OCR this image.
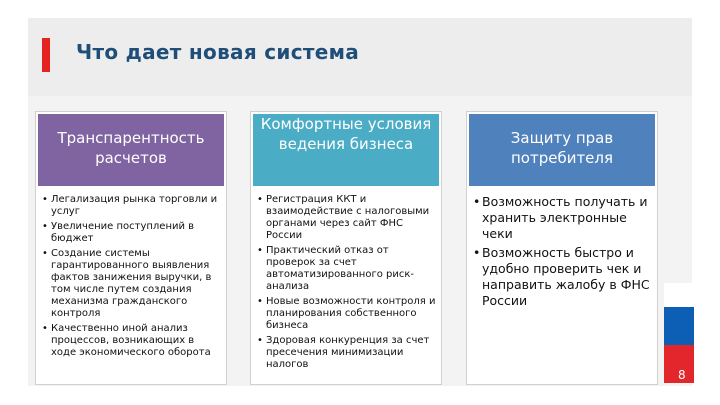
Что дает новая система
Транспарентность расчетов
• Легализация рынка торговли и услуг
• Увеличение поступлений в бюджет
• Создание системы гарантированного выявления фактов занижения выручки, в том числе путем создания механизма гражданского контроля
• Качественно иной анализ процессов, возникающих в ходе экономического оборота
Комфортные условия ведения бизнеса
• Регистрация ККТ и взаимодействие с налоговыми органами через сайт ФНС России
• Практический отказ от проверок за счет автоматизированного риск-анализа
• Новые возможности контроля и планирования собственного бизнеса
• Здоровая конкуренция за счет пресечения минимизации налогов
Защиту прав потребителя
• Возможность получать и хранить электронные чеки
• Возможность быстро и удобно проверить чек и направить жалобу в ФНС России
8
